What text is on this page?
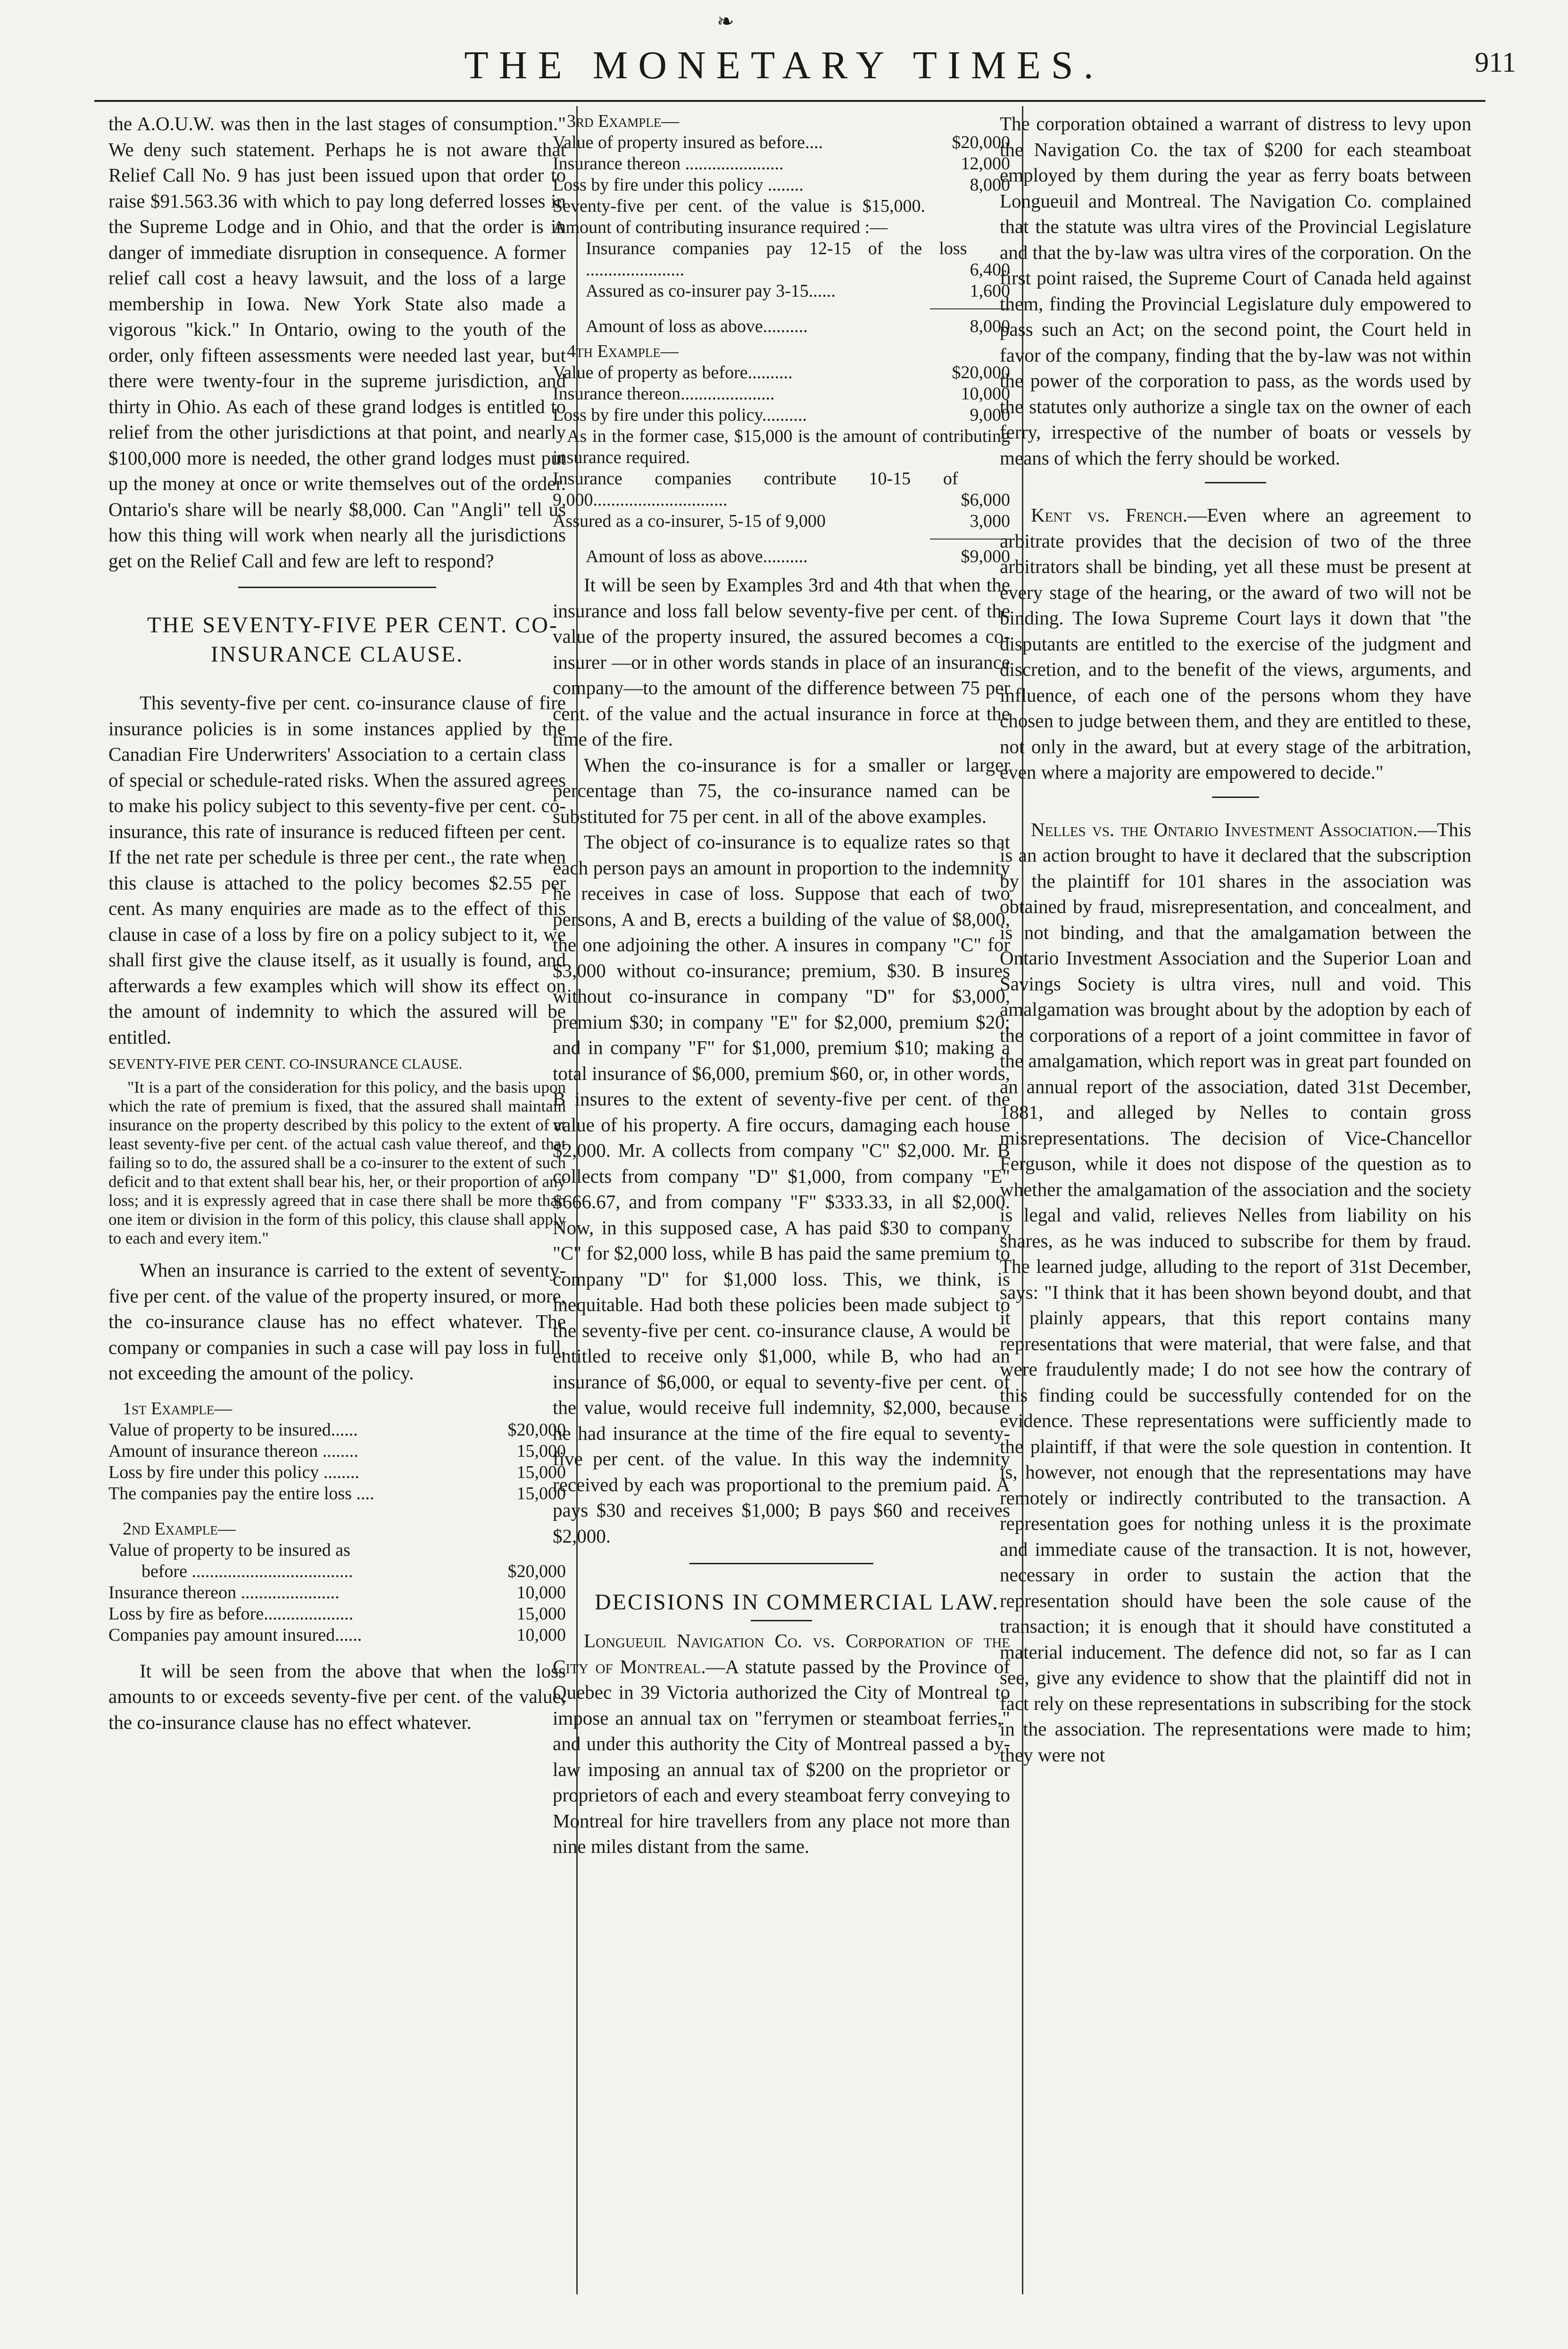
❧
THE MONETARY TIMES.	911

the A.O.U.W. was then in the last stages of consumption." We deny such statement. Perhaps he is not aware that Relief Call No. 9 has just been issued upon that order to raise $91.563.36 with which to pay long deferred losses in the Supreme Lodge and in Ohio, and that the order is in danger of immediate disruption in consequence. A former relief call cost a heavy lawsuit, and the loss of a large membership in Iowa. New York State also made a vigorous "kick." In Ontario, owing to the youth of the order, only fifteen assessments were needed last year, but there were twenty-four in the supreme jurisdiction, and thirty in Ohio. As each of these grand lodges is entitled to relief from the other jurisdictions at that point, and nearly $100,000 more is needed, the other grand lodges must put up the money at once or write themselves out of the order. Ontario's share will be nearly $8,000. Can "Angli" tell us how this thing will work when nearly all the jurisdictions get on the Relief Call and few are left to respond?

THE SEVENTY-FIVE PER CENT. CO-INSURANCE CLAUSE.

This seventy-five per cent. co-insurance clause of fire insurance policies is in some instances applied by the Canadian Fire Underwriters' Association to a certain class of special or schedule-rated risks. When the assured agrees to make his policy subject to this seventy-five per cent. co-insurance, this rate of insurance is reduced fifteen per cent. If the net rate per schedule is three per cent., the rate when this clause is attached to the policy becomes $2.55 per cent. As many enquiries are made as to the effect of this clause in case of a loss by fire on a policy subject to it, we shall first give the clause itself, as it usually is found, and afterwards a few examples which will show its effect on the amount of indemnity to which the assured will be entitled.

SEVENTY-FIVE PER CENT. CO-INSURANCE CLAUSE.

"It is a part of the consideration for this policy, and the basis upon which the rate of premium is fixed, that the assured shall maintain insurance on the property described by this policy to the extent of at least seventy-five per cent. of the actual cash value thereof, and that failing so to do, the assured shall be a co-insurer to the extent of such deficit and to that extent shall bear his, her, or their proportion of any loss; and it is expressly agreed that in case there shall be more than one item or division in the form of this policy, this clause shall apply to each and every item."

When an insurance is carried to the extent of seventy-five per cent. of the value of the property insured, or more, the co-insurance clause has no effect whatever. The company or companies in such a case will pay loss in full, not exceeding the amount of the policy.

1st Example—
Value of property to be insured......	$20,000
Amount of insurance thereon ........	15,000
Loss by fire under this policy ........	15,000
The companies pay the entire loss ....	15,000
2nd Example—
Value of property to be insured as
before ....................................	$20,000
Insurance thereon ......................	10,000
Loss by fire as before....................	15,000
Companies pay amount insured......	10,000

It will be seen from the above that when the loss amounts to or exceeds seventy-five per cent. of the value, the co-insurance clause has no effect whatever.

3rd Example—
Value of property insured as before....	$20,000
Insurance thereon ......................	12,000
Loss by fire under this policy ........	8,000
Seventy-five per cent. of the value is $15,000. Amount of contributing insurance required :—
Insurance companies pay 12-15 of the loss ......................	6,400
Assured as co-insurer pay 3-15......	1,600
Amount of loss as above..........	8,000
4th Example—
Value of property as before..........	$20,000
Insurance thereon.....................	10,000
Loss by fire under this policy..........	9,000
As in the former case, $15,000 is the amount of contributing insurance required.
Insurance companies contribute 10-15 of 9,000..............................	$6,000
Assured as a co-insurer, 5-15 of 9,000	3,000
Amount of loss as above..........	$9,000

It will be seen by Examples 3rd and 4th that when the insurance and loss fall below seventy-five per cent. of the value of the property insured, the assured becomes a co-insurer —or in other words stands in place of an insurance company—to the amount of the difference between 75 per cent. of the value and the actual insurance in force at the time of the fire.

When the co-insurance is for a smaller or larger percentage than 75, the co-insurance named can be substituted for 75 per cent. in all of the above examples.

The object of co-insurance is to equalize rates so that each person pays an amount in proportion to the indemnity he receives in case of loss. Suppose that each of two persons, A and B, erects a building of the value of $8,000, the one adjoining the other. A insures in company "C" for $3,000 without co-insurance; premium, $30. B insures without co-insurance in company "D" for $3,000, premium $30; in company "E" for $2,000, premium $20; and in company "F" for $1,000, premium $10; making a total insurance of $6,000, premium $60, or, in other words, B insures to the extent of seventy-five per cent. of the value of his property. A fire occurs, damaging each house $2,000. Mr. A collects from company "C" $2,000. Mr. B collects from company "D" $1,000, from company "E" $666.67, and from company "F" $333.33, in all $2,000. Now, in this supposed case, A has paid $30 to company "C" for $2,000 loss, while B has paid the same premium to company "D" for $1,000 loss. This, we think, is inequitable. Had both these policies been made subject to the seventy-five per cent. co-insurance clause, A would be entitled to receive only $1,000, while B, who had an insurance of $6,000, or equal to seventy-five per cent. of the value, would receive full indemnity, $2,000, because he had insurance at the time of the fire equal to seventy-five per cent. of the value. In this way the indemnity received by each was proportional to the premium paid. A pays $30 and receives $1,000; B pays $60 and receives $2,000.

DECISIONS IN COMMERCIAL LAW.

Longueuil Navigation Co. vs. Corporation of the City of Montreal.—A statute passed by the Province of Quebec in 39 Victoria authorized the City of Montreal to impose an annual tax on "ferrymen or steamboat ferries," and under this authority the City of Montreal passed a by-law imposing an annual tax of $200 on the proprietor or proprietors of each and every steamboat ferry conveying to Montreal for hire travellers from any place not more than nine miles distant from the same.

The corporation obtained a warrant of distress to levy upon the Navigation Co. the tax of $200 for each steamboat employed by them during the year as ferry boats between Longueuil and Montreal. The Navigation Co. complained that the statute was ultra vires of the Provincial Legislature and that the by-law was ultra vires of the corporation. On the first point raised, the Supreme Court of Canada held against them, finding the Provincial Legislature duly empowered to pass such an Act; on the second point, the Court held in favor of the company, finding that the by-law was not within the power of the corporation to pass, as the words used by the statutes only authorize a single tax on the owner of each ferry, irrespective of the number of boats or vessels by means of which the ferry should be worked.

Kent vs. French.—Even where an agreement to arbitrate provides that the decision of two of the three arbitrators shall be binding, yet all these must be present at every stage of the hearing, or the award of two will not be binding. The Iowa Supreme Court lays it down that "the disputants are entitled to the exercise of the judgment and discretion, and to the benefit of the views, arguments, and influence, of each one of the persons whom they have chosen to judge between them, and they are entitled to these, not only in the award, but at every stage of the arbitration, even where a majority are empowered to decide."

Nelles vs. the Ontario Investment Association.—This is an action brought to have it declared that the subscription by the plaintiff for 101 shares in the association was obtained by fraud, misrepresentation, and concealment, and is not binding, and that the amalgamation between the Ontario Investment Association and the Superior Loan and Savings Society is ultra vires, null and void. This amalgamation was brought about by the adoption by each of the corporations of a report of a joint committee in favor of the amalgamation, which report was in great part founded on an annual report of the association, dated 31st December, 1881, and alleged by Nelles to contain gross misrepresentations. The decision of Vice-Chancellor Ferguson, while it does not dispose of the question as to whether the amalgamation of the association and the society is legal and valid, relieves Nelles from liability on his shares, as he was induced to subscribe for them by fraud. The learned judge, alluding to the report of 31st December, says: "I think that it has been shown beyond doubt, and that it plainly appears, that this report contains many representations that were material, that were false, and that were fraudulently made; I do not see how the contrary of this finding could be successfully contended for on the evidence. These representations were sufficiently made to the plaintiff, if that were the sole question in contention. It is, however, not enough that the representations may have remotely or indirectly contributed to the transaction. A representation goes for nothing unless it is the proximate and immediate cause of the transaction. It is not, however, necessary in order to sustain the action that the representation should have been the sole cause of the transaction; it is enough that it should have constituted a material inducement. The defence did not, so far as I can see, give any evidence to show that the plaintiff did not in fact rely on these representations in subscribing for the stock in the association. The representations were made to him; they were not
